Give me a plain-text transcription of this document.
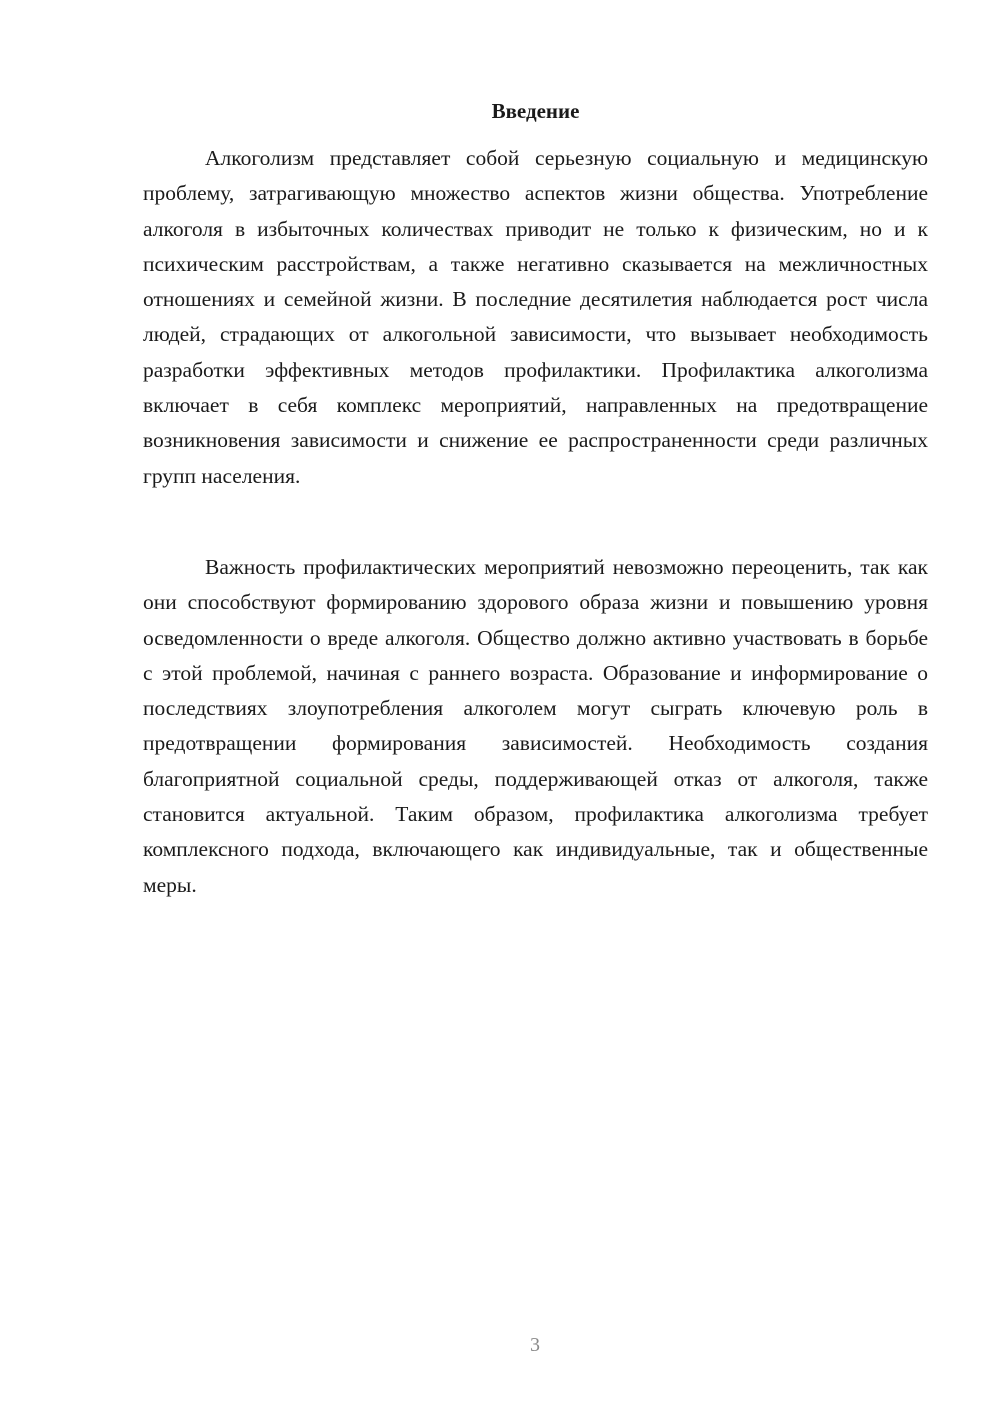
Введение

Алкоголизм представляет собой серьезную социальную и медицинскую проблему, затрагивающую множество аспектов жизни общества. Употребление алкоголя в избыточных количествах приводит не только к физическим, но и к психическим расстройствам, а также негативно сказывается на межличностных отношениях и семейной жизни. В последние десятилетия наблюдается рост числа людей, страдающих от алкогольной зависимости, что вызывает необходимость разработки эффективных методов профилактики. Профилактика алкоголизма включает в себя комплекс мероприятий, направленных на предотвращение возникновения зависимости и снижение ее распространенности среди различных групп населения.

Важность профилактических мероприятий невозможно переоценить, так как они способствуют формированию здорового образа жизни и повышению уровня осведомленности о вреде алкоголя. Общество должно активно участвовать в борьбе с этой проблемой, начиная с раннего возраста. Образование и информирование о последствиях злоупотребления алкоголем могут сыграть ключевую роль в предотвращении формирования зависимостей. Необходимость создания благоприятной социальной среды, поддерживающей отказ от алкоголя, также становится актуальной. Таким образом, профилактика алкоголизма требует комплексного подхода, включающего как индивидуальные, так и общественные меры.

3
